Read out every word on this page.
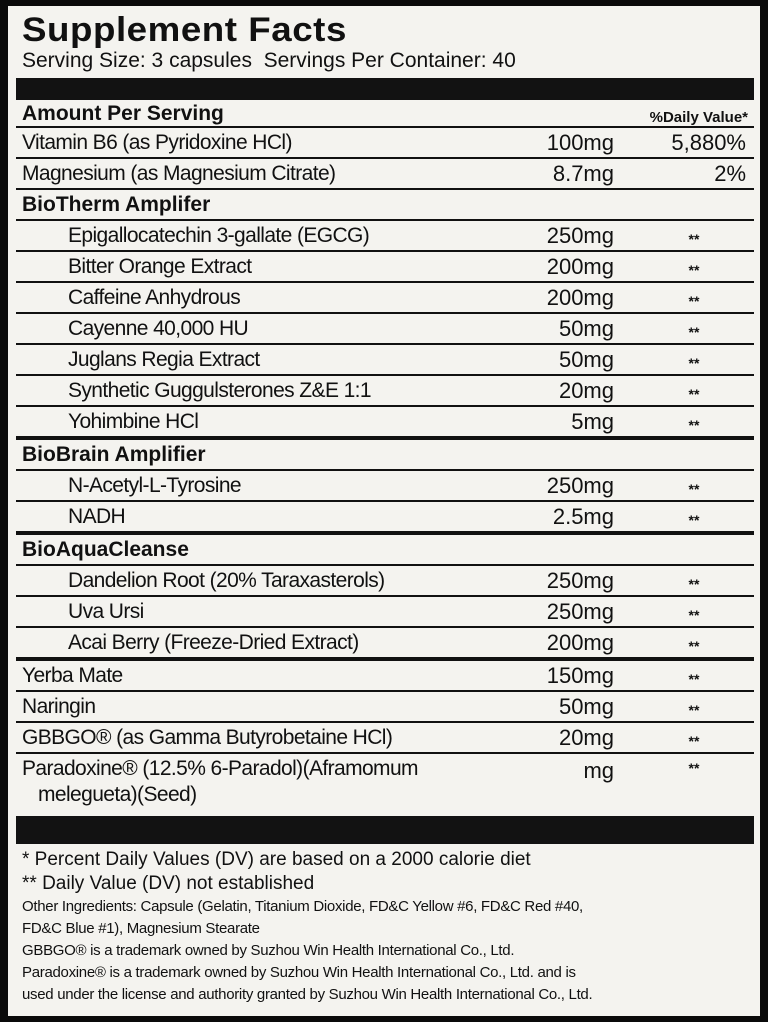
Supplement Facts
Serving Size: 3 capsules  Servings Per Container: 40
Amount Per Serving	%Daily Value*
Vitamin B6 (as Pyridoxine HCl)	100mg	5,880%
Magnesium (as Magnesium Citrate)	8.7mg	2%
BioTherm Amplifer
Epigallocatechin 3-gallate (EGCG)	250mg	**
Bitter Orange Extract	200mg	**
Caffeine Anhydrous	200mg	**
Cayenne 40,000 HU	50mg	**
Juglans Regia Extract	50mg	**
Synthetic Guggulsterones Z&E 1:1	20mg	**
Yohimbine HCl	5mg	**
BioBrain Amplifier
N-Acetyl-L-Tyrosine	250mg	**
NADH	2.5mg	**
BioAquaCleanse
Dandelion Root (20% Taraxasterols)	250mg	**
Uva Ursi	250mg	**
Acai Berry (Freeze-Dried Extract)	200mg	**
Yerba Mate	150mg	**
Naringin	50mg	**
GBBGO® (as Gamma Butyrobetaine HCl)	20mg	**
Paradoxine® (12.5% 6-Paradol)(Aframomum
melegueta)(Seed)
mg	**
* Percent Daily Values (DV) are based on a 2000 calorie diet
** Daily Value (DV) not established
Other Ingredients: Capsule (Gelatin, Titanium Dioxide, FD&C Yellow #6, FD&C Red #40,
FD&C Blue #1), Magnesium Stearate
GBBGO® is a trademark owned by Suzhou Win Health International Co., Ltd.
Paradoxine® is a trademark owned by Suzhou Win Health International Co., Ltd. and is
used under the license and authority granted by Suzhou Win Health International Co., Ltd.
